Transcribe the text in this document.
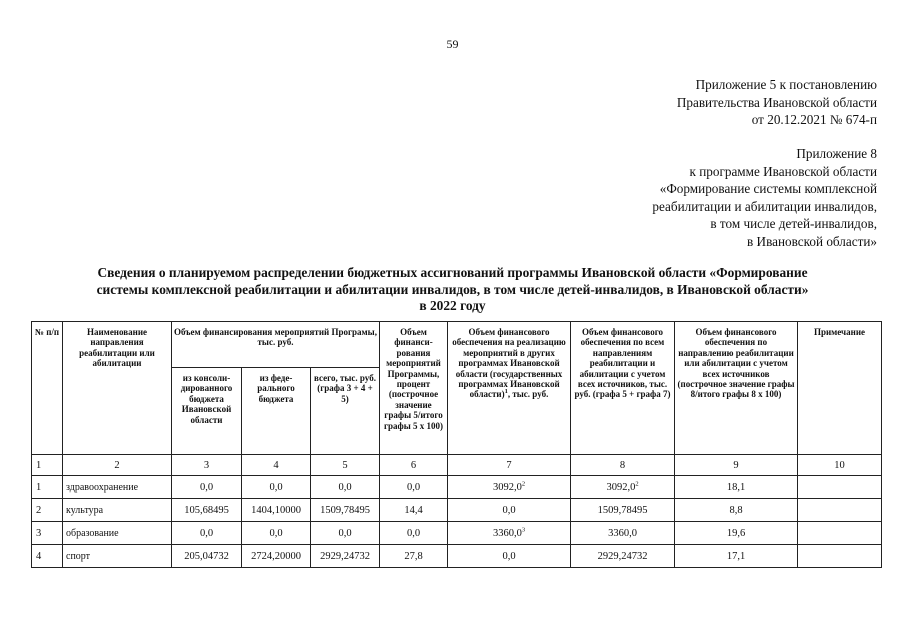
59
Приложение 5 к постановлению
Правительства Ивановской области
от 20.12.2021 № 674-п
Приложение 8
к программе Ивановской области
«Формирование системы комплексной
реабилитации и абилитации инвалидов,
в том числе детей-инвалидов,
в Ивановской области»
Сведения о планируемом распределении бюджетных ассигнований программы Ивановской области «Формирование
системы комплексной реабилитации и абилитации инвалидов, в том числе детей-инвалидов, в Ивановской области»
в 2022 году
№ п/п	Наименование направления реабилитации или абилитации	Объем финансирования мероприятий Програмы, тыс. руб.			Объем финанси-рования мероприятий Программы, процент (построчное значение графы 5/итого графы 5 х 100)	Объем финансового обеспечения на реализацию мероприятий в других программах Ивановской области (государственных программах Ивановской области)$^1$, тыс. руб.	Объем финансового обеспечения по всем направлениям реабилитации и абилитации с учетом всех источников, тыс. руб. (графа 5 + графа 7)	Объем финансового обеспечения по направлению реабилитации или абилитации с учетом всех источников (построчное значение графы 8/итого графы 8 х 100)	Примечание
		из консоли-дированного бюджета Ивановской области	из феде-рального бюджета	всего, тыс. руб. (графа 3 + 4 + 5)					
1	2	3	4	5	6	7	8	9	10
1	здравоохранение	0,0	0,0	0,0	0,0	3092,0$^2$	3092,0$^2$	18,1	
2	культура	105,68495	1404,10000	1509,78495	14,4	0,0	1509,78495	8,8	
3	образование	0,0	0,0	0,0	0,0	3360,0$^3$	3360,0	19,6	
4	спорт	205,04732	2724,20000	2929,24732	27,8	0,0	2929,24732	17,1	
